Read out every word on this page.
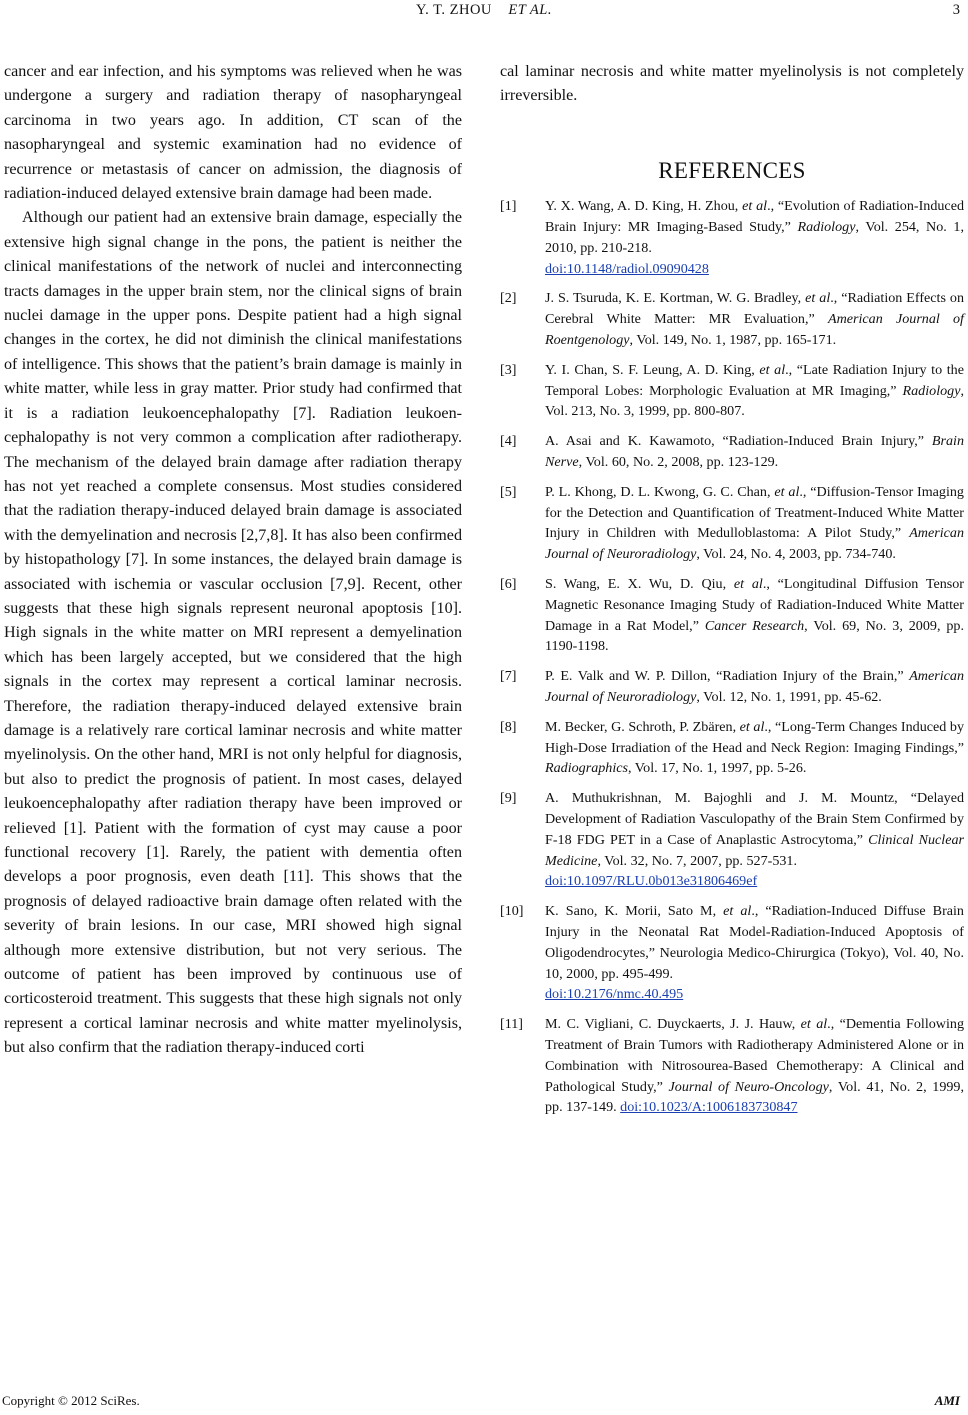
Y. T. ZHOU ET AL.	3

cancer and ear infection, and his symptoms was relieved when he was undergone a surgery and radiation therapy of nasopharyngeal carcinoma in two years ago. In addition, CT scan of the nasopharyngeal and systemic examination had no evidence of recurrence or metastasis of cancer on admission, the diagnosis of radiation-induced delayed extensive brain damage had been made.

Although our patient had an extensive brain damage, especially the extensive high signal change in the pons, the patient is neither the clinical manifestations of the network of nuclei and interconnecting tracts damages in the upper brain stem, nor the clinical signs of brain nuclei damage in the upper pons. Despite patient had a high signal changes in the cortex, he did not diminish the clinical manifestations of intelligence. This shows that the patient’s brain damage is mainly in white matter, while less in gray matter. Prior study had confirmed that it is a radiation leukoencephalopathy [7]. Radiation leukoencephalopathy is not very common a complication after radiotherapy. The mechanism of the delayed brain damage after radiation therapy has not yet reached a complete consensus. Most studies considered that the radiation therapy-induced delayed brain damage is associated with the demyelination and necrosis [2,7,8]. It has also been confirmed by histopathology [7]. In some instances, the delayed brain damage is associated with ischemia or vascular occlusion [7,9]. Recent, other suggests that these high signals represent neuronal apoptosis [10]. High signals in the white matter on MRI represent a demyelination which has been largely accepted, but we considered that the high signals in the cortex may represent a cortical laminar necrosis. Therefore, the radiation therapy-induced delayed extensive brain damage is a relatively rare cortical laminar necrosis and white matter myelinolysis. On the other hand, MRI is not only helpful for diagnosis, but also to predict the prognosis of patient. In most cases, delayed leukoencephalopathy after radiation therapy have been improved or relieved [1]. Patient with the formation of cyst may cause a poor functional recovery [1]. Rarely, the patient with dementia often develops a poor prognosis, even death [11]. This shows that the prognosis of delayed radioactive brain damage often related with the severity of brain lesions. In our case, MRI showed high signal although more extensive distribution, but not very serious. The outcome of patient has been improved by continuous use of corticosteroid treatment. This suggests that these high signals not only represent a cortical laminar necrosis and white matter myelinolysis, but also confirm that the radiation therapy-induced corti

cal laminar necrosis and white matter myelinolysis is not completely irreversible.

REFERENCES
[1] Y. X. Wang, A. D. King, H. Zhou, et al., “Evolution of Radiation-Induced Brain Injury: MR Imaging-Based Study,” Radiology, Vol. 254, No. 1, 2010, pp. 210-218.
doi:10.1148/radiol.09090428
[2] J. S. Tsuruda, K. E. Kortman, W. G. Bradley, et al., “Radiation Effects on Cerebral White Matter: MR Evaluation,” American Journal of Roentgenology, Vol. 149, No. 1, 1987, pp. 165-171.
[3] Y. I. Chan, S. F. Leung, A. D. King, et al., “Late Radiation Injury to the Temporal Lobes: Morphologic Evaluation at MR Imaging,” Radiology, Vol. 213, No. 3, 1999, pp. 800-807.
[4] A. Asai and K. Kawamoto, “Radiation-Induced Brain Injury,” Brain Nerve, Vol. 60, No. 2, 2008, pp. 123-129.
[5] P. L. Khong, D. L. Kwong, G. C. Chan, et al., “Diffusion-Tensor Imaging for the Detection and Quantification of Treatment-Induced White Matter Injury in Children with Medulloblastoma: A Pilot Study,” American Journal of Neuroradiology, Vol. 24, No. 4, 2003, pp. 734-740.
[6] S. Wang, E. X. Wu, D. Qiu, et al., “Longitudinal Diffusion Tensor Magnetic Resonance Imaging Study of Radiation-Induced White Matter Damage in a Rat Model,” Cancer Research, Vol. 69, No. 3, 2009, pp. 1190-1198.
[7] P. E. Valk and W. P. Dillon, “Radiation Injury of the Brain,” American Journal of Neuroradiology, Vol. 12, No. 1, 1991, pp. 45-62.
[8] M. Becker, G. Schroth, P. Zbären, et al., “Long-Term Changes Induced by High-Dose Irradiation of the Head and Neck Region: Imaging Findings,” Radiographics, Vol. 17, No. 1, 1997, pp. 5-26.
[9] A. Muthukrishnan, M. Bajoghli and J. M. Mountz, “Delayed Development of Radiation Vasculopathy of the Brain Stem Confirmed by F-18 FDG PET in a Case of Anaplastic Astrocytoma,” Clinical Nuclear Medicine, Vol. 32, No. 7, 2007, pp. 527-531.
doi:10.1097/RLU.0b013e31806469ef
[10] K. Sano, K. Morii, Sato M, et al., “Radiation-Induced Diffuse Brain Injury in the Neonatal Rat Model-Radiation-Induced Apoptosis of Oligodendrocytes,” Neurologia Medico-Chirurgica (Tokyo), Vol. 40, No. 10, 2000, pp. 495-499.
doi:10.2176/nmc.40.495
[11] M. C. Vigliani, C. Duyckaerts, J. J. Hauw, et al., “Dementia Following Treatment of Brain Tumors with Radiotherapy Administered Alone or in Combination with Nitrosourea-Based Chemotherapy: A Clinical and Pathological Study,” Journal of Neuro-Oncology, Vol. 41, No. 2, 1999, pp. 137-149. doi:10.1023/A:1006183730847
Copyright © 2012 SciRes.	AMI
